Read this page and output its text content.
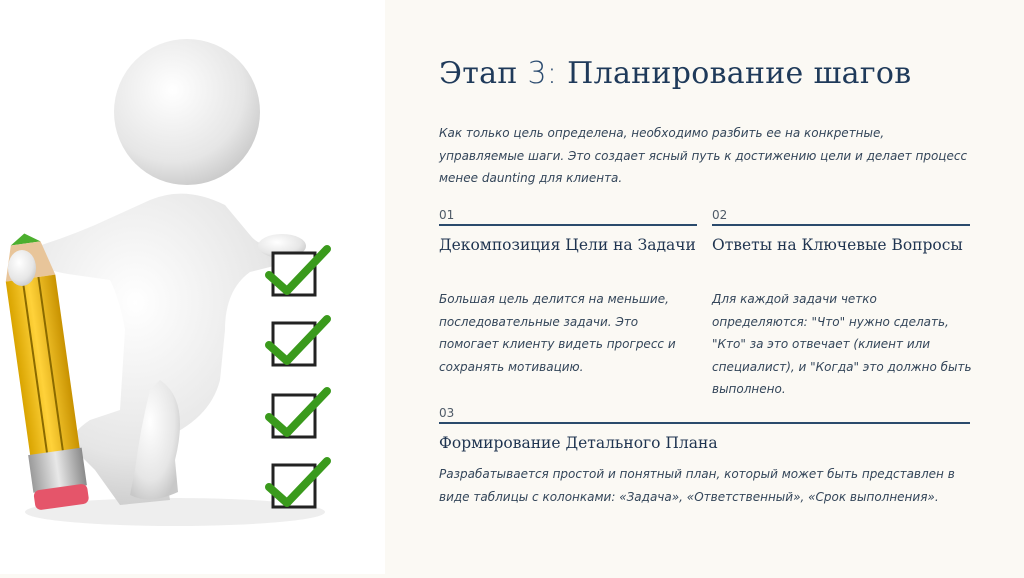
Этап 3: Планирование шагов
Как только цель определена, необходимо разбить ее на конкретные, управляемые шаги. Это создает ясный путь к достижению цели и делает процесс менее daunting для клиента.
01
Декомпозиция Цели на Задачи
Большая цель делится на меньшие, последовательные задачи. Это помогает клиенту видеть прогресс и сохранять мотивацию.
02
Ответы на Ключевые Вопросы
Для каждой задачи четко определяются: "Что" нужно сделать, "Кто" за это отвечает (клиент или специалист), и "Когда" это должно быть выполнено.
03
Формирование Детального Плана
Разрабатывается простой и понятный план, который может быть представлен в виде таблицы с колонками: «Задача», «Ответственный», «Срок выполнения».
